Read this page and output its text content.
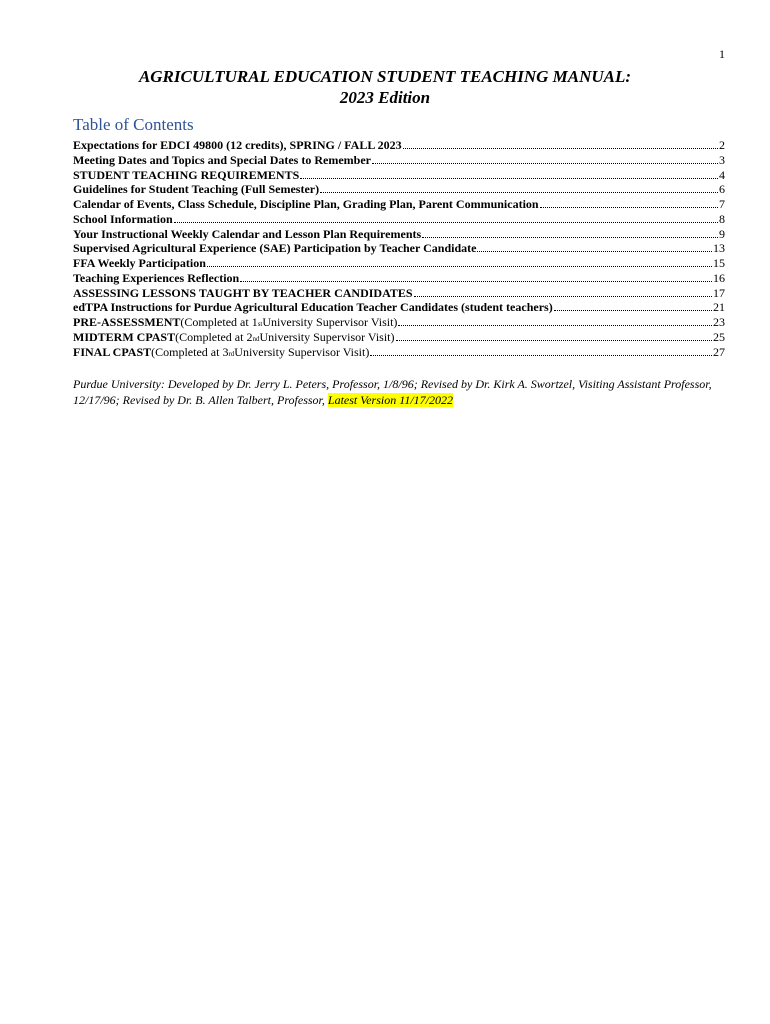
1
AGRICULTURAL EDUCATION STUDENT TEACHING MANUAL:
2023 Edition
Table of Contents
Expectations for EDCI 49800 (12 credits), SPRING / FALL 2023	2
Meeting Dates and Topics and Special Dates to Remember	3
STUDENT TEACHING REQUIREMENTS	4
Guidelines for Student Teaching (Full Semester)	6
Calendar of Events, Class Schedule, Discipline Plan, Grading Plan, Parent Communication	7
School Information	8
Your Instructional Weekly Calendar and Lesson Plan Requirements	9
Supervised Agricultural Experience (SAE) Participation by Teacher Candidate	13
FFA Weekly Participation	15
Teaching Experiences Reflection	16
ASSESSING LESSONS TAUGHT BY TEACHER CANDIDATES	17
edTPA Instructions for Purdue Agricultural Education Teacher Candidates (student teachers)	21
PRE-ASSESSMENT (Completed at 1 st University Supervisor Visit)	23
MIDTERM CPAST (Completed at 2 nd University Supervisor Visit)	25
FINAL CPAST (Completed at 3 rd University Supervisor Visit)	27
Purdue University: Developed by Dr. Jerry L. Peters, Professor, 1/8/96; Revised by Dr. Kirk A. Swortzel, Visiting Assistant Professor, 12/17/96; Revised by Dr. B. Allen Talbert, Professor, Latest Version 11/17/2022
